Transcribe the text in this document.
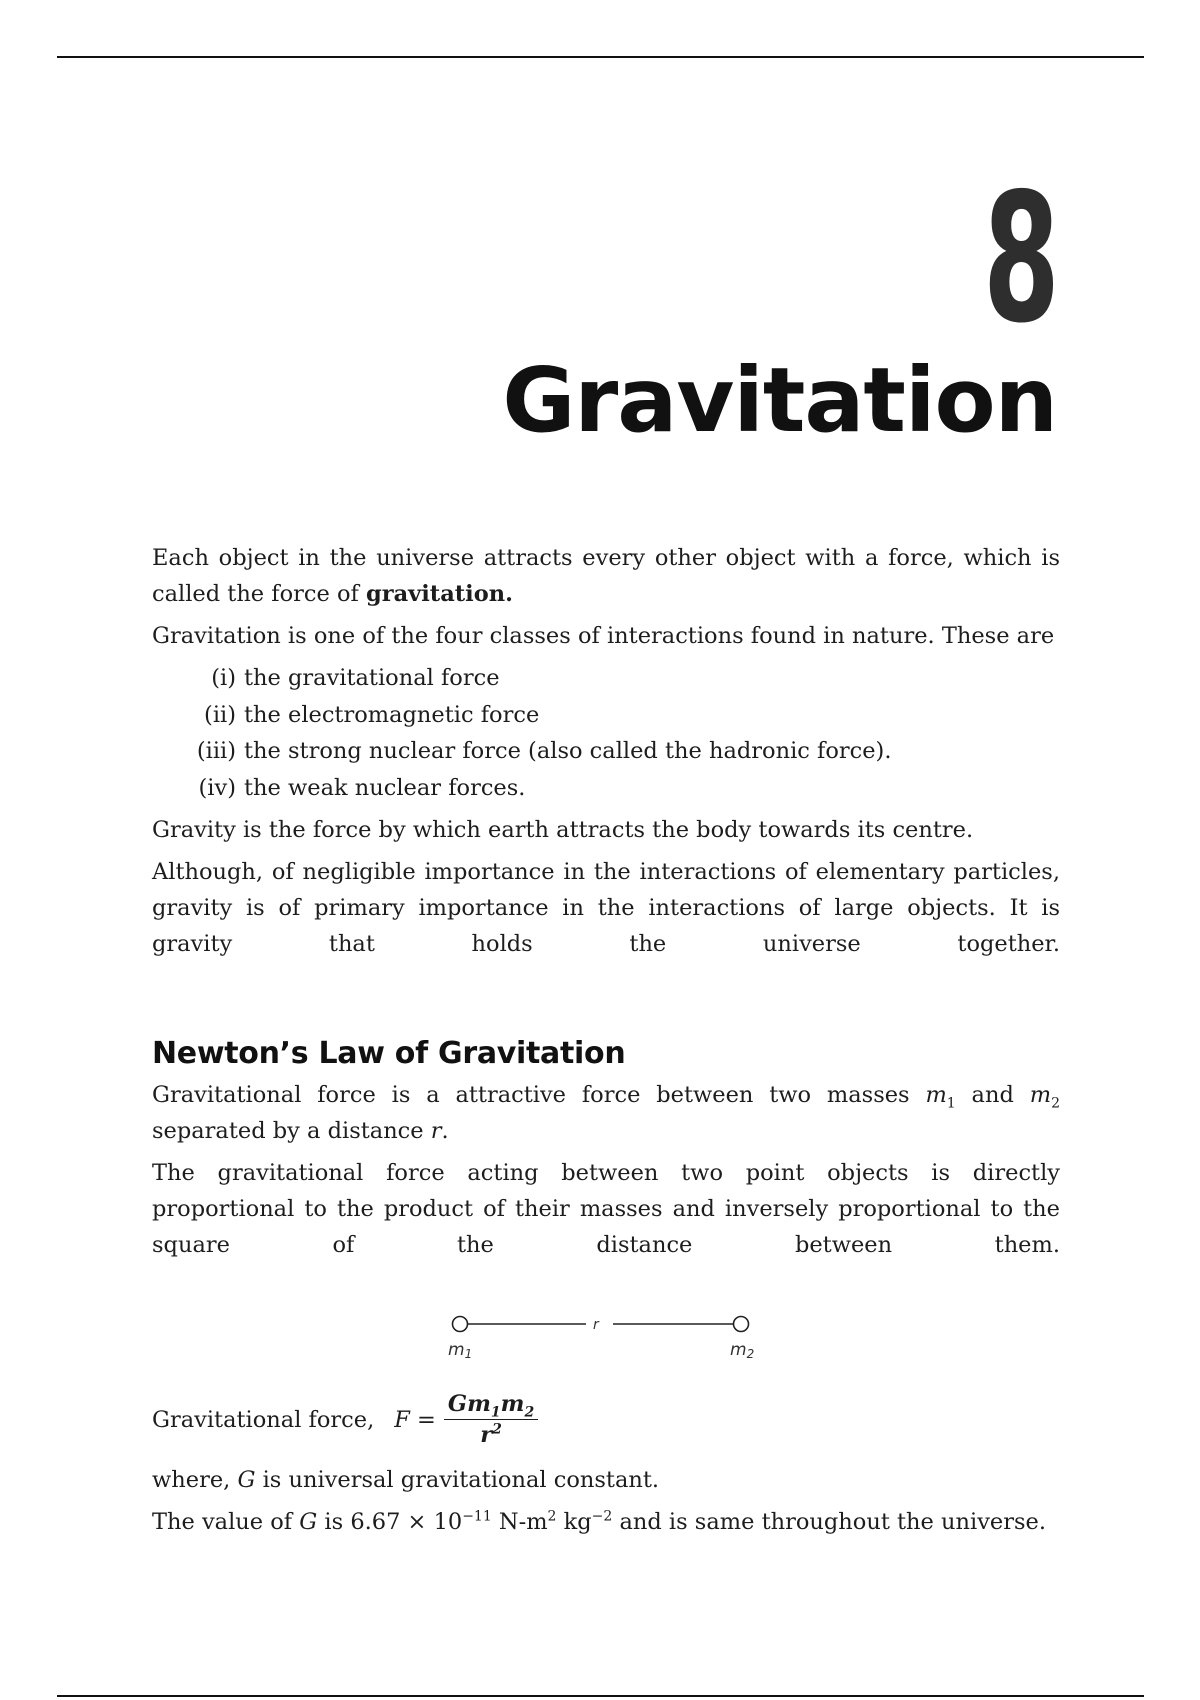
8
Gravitation

Each object in the universe attracts every other object with a force, which is called the force of gravitation.

Gravitation is one of the four classes of interactions found in nature. These are

(i) the gravitational force
(ii) the electromagnetic force
(iii) the strong nuclear force (also called the hadronic force).
(iv) the weak nuclear forces.

Gravity is the force by which earth attracts the body towards its centre.

Although, of negligible importance in the interactions of elementary particles, gravity is of primary importance in the interactions of large objects. It is gravity that holds the universe together.

Newton’s Law of Gravitation

Gravitational force is a attractive force between two masses $m_1$ and $m_2$ separated by a distance r.

The gravitational force acting between two point objects is directly proportional to the product of their masses and inversely proportional to the square of the distance between them.

r
m1	m2
Gravitational force, $F = \frac{Gm_1m_2}{r^2}$

where, G is universal gravitational constant.

The value of G is $6.67 \times 10^{-11}$ $N-m^2$ $kg^{-2}$ and is same throughout the universe.
